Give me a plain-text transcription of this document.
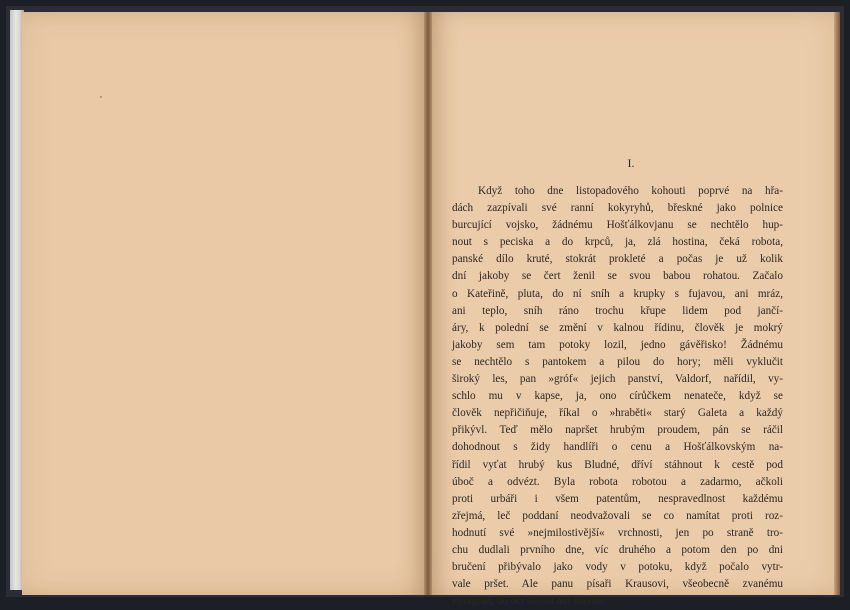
I.
Když toho dne listopadového kohouti poprvé na hřa-
dách zazpívali své ranní kokyryhů, břeskné jako polnice
burcující vojsko, žádnému Hošťálkovjanu se nechtělo hup-
nout s peciska a do krpců, ja, zlá hostina, čeká robota,
panské dílo kruté, stokrát prokleté a počas je už kolik
dní jakoby se čert ženil se svou babou rohatou. Začalo
o Kateřině, pluta, do ní sníh a krupky s fujavou, ani mráz,
ani teplo, sníh ráno trochu křupe lidem pod jančí-
áry, k polední se změní v kalnou řídinu, člověk je mokrý
jakoby sem tam potoky lozil, jedno gávěřisko! Žádnému
se nechtělo s pantokem a pilou do hory; měli vyklučit
široký les, pan »gróf« jejich panství, Valdorf, nařídil, vy-
schlo mu v kapse, ja, ono círůčkem nenateče, když se
člověk nepřičiňuje, říkal o »hraběti« starý Galeta a každý
přikývl. Teď mělo napršet hrubým proudem, pán se ráčil
dohodnout s židy handlíři o cenu a Hošťálkovským na-
řídil vyťat hrubý kus Bludné, dříví stáhnout k cestě pod
úboč a odvézt. Byla robota robotou a zadarmo, ačkoli
proti urbáři i všem patentům, nespravedlnost každému
zřejmá, leč poddaní neodvažovali se co namítat proti roz-
hodnutí své »nejmilostivější« vrchnosti, jen po straně tro-
chu dudlali prvního dne, víc druhého a potom den po dni
bručení přibývalo jako vody v potoku, když počalo vytr-
vale pršet. Ale panu písaři Krausovi, všeobecně zvanému
Palagrán, do očí dosud ani slůvka!
